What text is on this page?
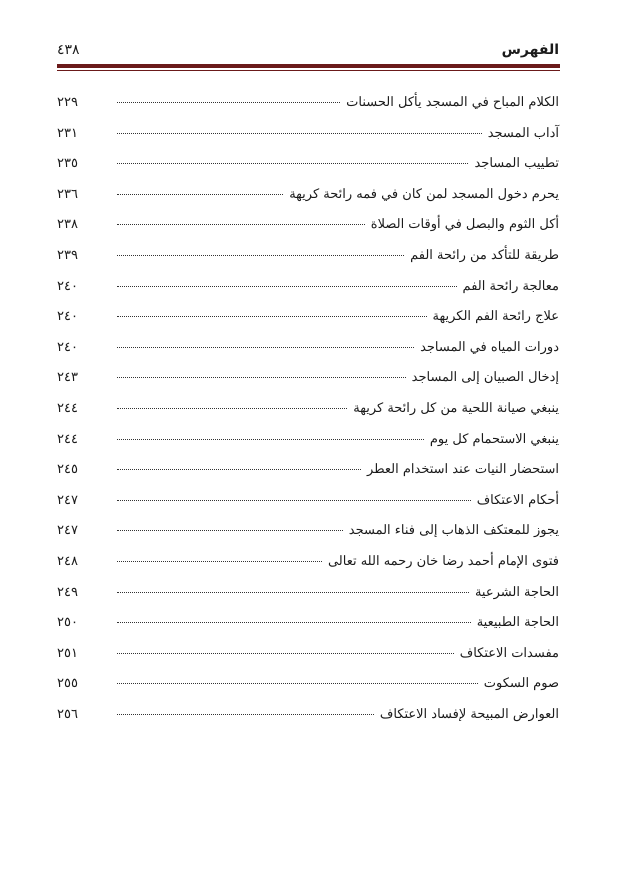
الفهرس
٤٣٨
الكلام المباح في المسجد يأكل الحسنات
٢٢٩
آداب المسجد
٢٣١
تطييب المساجد
٢٣٥
يحرم دخول المسجد لمن كان في فمه رائحة كريهة
٢٣٦
أكل الثوم والبصل في أوقات الصلاة
٢٣٨
طريقة للتأكد من رائحة الفم
٢٣٩
معالجة رائحة الفم
٢٤٠
علاج رائحة الفم الكريهة
٢٤٠
دورات المياه في المساجد
٢٤٠
إدخال الصبيان إلى المساجد
٢٤٣
ينبغي صيانة اللحية من كل رائحة كريهة
٢٤٤
ينبغي الاستحمام كل يوم
٢٤٤
استحضار النيات عند استخدام العطر
٢٤٥
أحكام الاعتكاف
٢٤٧
يجوز للمعتكف الذهاب إلى فناء المسجد
٢٤٧
فتوى الإمام أحمد رضا خان رحمه الله تعالى
٢٤٨
الحاجة الشرعية
٢٤٩
الحاجة الطبيعية
٢٥٠
مفسدات الاعتكاف
٢٥١
صوم السكوت
٢٥٥
العوارض المبيحة لإفساد الاعتكاف
٢٥٦
